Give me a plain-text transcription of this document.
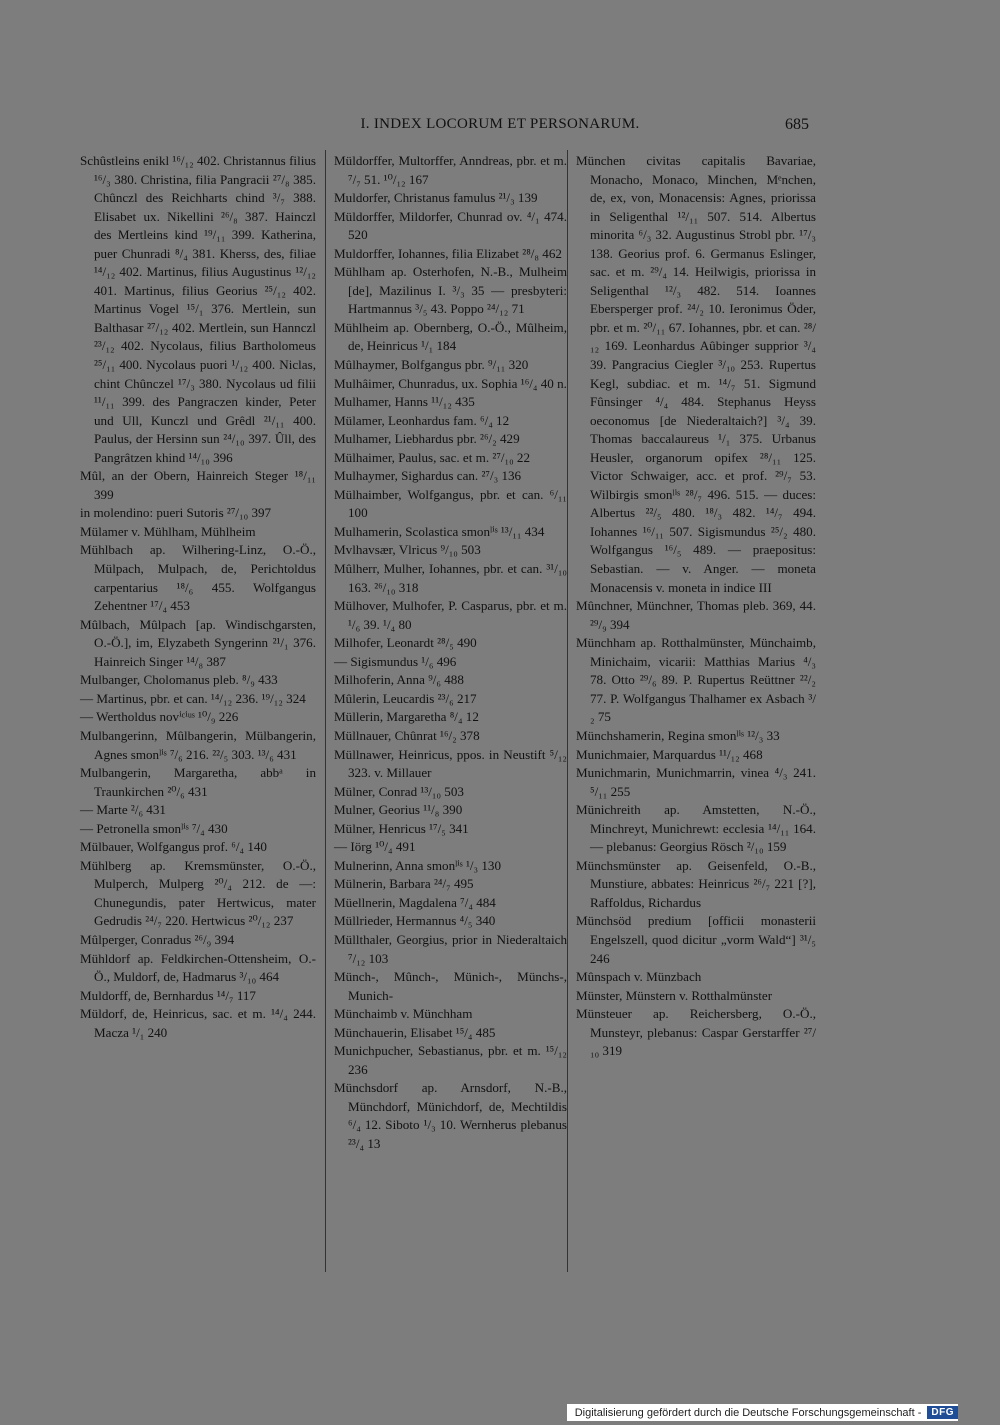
I. INDEX LOCORUM ET PERSONARUM.	685

Schûstleins enikl ¹⁶/₁₂ 402. Christannus filius ¹⁶/₃ 380. Christina, filia Pangracii ²⁷/₈ 385. Chûnczl des Reichharts chind ³/₇ 388. Elisabet ux. Nikellini ²⁶/₈ 387. Hainczl des Mertleins kind ¹⁹/₁₁ 399. Katherina, puer Chunradi ⁸/₄ 381. Kherss, des, filiae ¹⁴/₁₂ 402. Martinus, filius Augustinus ¹²/₁₂ 401. Martinus, filius Georius ²⁵/₁₂ 402. Martinus Vogel ¹⁵/₁ 376. Mertlein, sun Balthasar ²⁷/₁₂ 402. Mertlein, sun Hannczl ²³/₁₂ 402. Nycolaus, filius Bartholomeus ²⁵/₁₁ 400. Nycolaus puori ¹/₁₂ 400. Niclas, chint Chûnczel ¹⁷/₃ 380. Nycolaus ud filii ¹¹/₁₁ 399. des Pangraczen kinder, Peter und Ull, Kunczl und Grêdl ²¹/₁₁ 400. Paulus, der Hersinn sun ²⁴/₁₀ 397. Ûll, des Pangrâtzen khind ¹⁴/₁₀ 396

Mûl, an der Obern, Hainreich Steger ¹⁸/₁₁ 399

in molendino: pueri Sutoris ²⁷/₁₀ 397

Mülamer v. Mühlham, Mühlheim

Mühlbach ap. Wilhering-Linz, O.-Ö., Mülpach, Mulpach, de, Perichtoldus carpentarius ¹⁸/₆ 455. Wolfgangus Zehentner ¹⁷/₄ 453

Mûlbach, Mûlpach [ap. Windischgarsten, O.-Ö.], im, Elyzabeth Syngerinn ²¹/₁ 376. Hainreich Singer ¹⁴/₈ 387

Mulbanger, Cholomanus pleb. ⁸/₉ 433

— Martinus, pbr. et can. ¹⁴/₁₂ 236. ¹⁹/₁₂ 324

— Wertholdus novⁱᶜⁱᵘˢ ¹⁰/₉ 226

Mulbangerinn, Mûlbangerin, Mülbangerin, Agnes smonˡⁱˢ ⁷/₆ 216. ²²/₅ 303. ¹³/₆ 431

Mulbangerin, Margaretha, abbᵃ in Traunkirchen ²⁰/₆ 431

— Marte ²/₆ 431

— Petronella smonˡⁱˢ ⁷/₄ 430

Mülbauer, Wolfgangus prof. ⁶/₄ 140

Mühlberg ap. Kremsmünster, O.-Ö., Mulperch, Mulperg ²⁰/₄ 212. de —: Chunegundis, pater Hertwicus, mater Gedrudis ²⁴/₇ 220. Hertwicus ²⁰/₁₂ 237

Mûlperger, Conradus ²⁶/₉ 394

Mühldorf ap. Feldkirchen-Ottensheim, O.-Ö., Muldorf, de, Hadmarus ³/₁₀ 464

Muldorff, de, Bernhardus ¹⁴/₇ 117

Müldorf, de, Heinricus, sac. et m. ¹⁴/₄ 244. Macza ¹/₁ 240

Müldorffer, Multorffer, Anndreas, pbr. et m. ⁷/₇ 51. ¹⁰/₁₂ 167

Muldorfer, Christanus famulus ²¹/₃ 139

Müldorffer, Mildorfer, Chunrad ov. ⁴/₁ 474. 520

Muldorffer, Iohannes, filia Elizabet ²⁸/₈ 462

Mühlham ap. Osterhofen, N.-B., Mulheim [de], Mazilinus I. ³/₃ 35 — presbyteri: Hartmannus ³/₅ 43. Poppo ²⁴/₁₂ 71

Mühlheim ap. Obernberg, O.-Ö., Mûlheim, de, Heinricus ¹/₁ 184

Mûlhaymer, Bolfgangus pbr. ⁹/₁₁ 320

Mulhâimer, Chunradus, ux. Sophia ¹⁶/₄ 40 n.

Mulhamer, Hanns ¹¹/₁₂ 435

Mülamer, Leonhardus fam. ⁶/₄ 12

Mulhamer, Liebhardus pbr. ²⁶/₂ 429

Mülhaimer, Paulus, sac. et m. ²⁷/₁₀ 22

Mulhaymer, Sighardus can. ²⁷/₃ 136

Mülhaimber, Wolfgangus, pbr. et can. ⁶/₁₁ 100

Mulhamerin, Scolastica smonˡⁱˢ ¹³/₁₁ 434

Mvlhavsær, Vlricus ⁹/₁₀ 503

Mûlherr, Mulher, Iohannes, pbr. et can. ³¹/₁₀ 163. ²⁶/₁₀ 318

Mülhover, Mulhofer, P. Casparus, pbr. et m. ¹/₆ 39. ¹/₄ 80

Milhofer, Leonardt ²⁸/₅ 490

— Sigismundus ¹/₆ 496

Milhoferin, Anna ⁹/₆ 488

Mûlerin, Leucardis ²³/₆ 217

Müllerin, Margaretha ⁸/₄ 12

Müllnauer, Chûnrat ¹⁶/₂ 378

Müllnawer, Heinricus, ppos. in Neustift ⁵/₁₂ 323. v. Millauer

Mülner, Conrad ¹³/₁₀ 503

Mulner, Georius ¹¹/₈ 390

Mülner, Henricus ¹⁷/₅ 341

— Iörg ¹⁰/₄ 491

Mulnerinn, Anna smonˡⁱˢ ¹/₃ 130

Mülnerin, Barbara ²⁴/₇ 495

Müellnerin, Magdalena ⁷/₄ 484

Müllrieder, Hermannus ⁴/₅ 340

Müllthaler, Georgius, prior in Niederaltaich ⁷/₁₂ 103

Münch-, Mûnch-, Münich-, Münchs-, Munich-

Münchaimb v. Münchham

Münchauerin, Elisabet ¹⁵/₄ 485

Munichpucher, Sebastianus, pbr. et m. ¹⁵/₁₂ 236

Münchsdorf ap. Arnsdorf, N.-B., Münchdorf, Münichdorf, de, Mechtildis ⁶/₄ 12. Siboto ¹/₃ 10. Wernherus plebanus ²³/₄ 13

München civitas capitalis Bavariae, Monacho, Monaco, Minchen, Mᵉnchen, de, ex, von, Monacensis: Agnes, priorissa in Seligenthal ¹²/₁₁ 507. 514. Albertus minorita ⁶/₃ 32. Augustinus Strobl pbr. ¹⁷/₃ 138. Georius prof. 6. Germanus Eslinger, sac. et m. ²⁹/₄ 14. Heilwigis, priorissa in Seligenthal ¹²/₃ 482. 514. Ioannes Ebersperger prof. ²⁴/₂ 10. Ieronimus Öder, pbr. et m. ²⁰/₁₁ 67. Iohannes, pbr. et can. ²⁸/₁₂ 169. Leonhardus Aûbinger supprior ³/₄ 39. Pangracius Ciegler ³/₁₀ 253. Rupertus Kegl, subdiac. et m. ¹⁴/₇ 51. Sigmund Fûnsinger ⁴/₄ 484. Stephanus Heyss oeconomus [de Niederaltaich?] ³/₄ 39. Thomas baccalaureus ¹/₁ 375. Urbanus Heusler, organorum opifex ²⁸/₁₁ 125. Victor Schwaiger, acc. et prof. ²⁹/₇ 53. Wilbirgis smonˡⁱˢ ²⁸/₇ 496. 515. — duces: Albertus ²²/₅ 480. ¹⁸/₃ 482. ¹⁴/₇ 494. Iohannes ¹⁶/₁₁ 507. Sigismundus ²⁵/₂ 480. Wolfgangus ¹⁶/₅ 489. — praepositus: Sebastian. — v. Anger. — moneta Monacensis v. moneta in indice III

Mûnchner, Münchner, Thomas pleb. 369, 44. ²⁹/₉ 394

Münchham ap. Rotthalmünster, Münchaimb, Minichaim, vicarii: Matthias Marius ⁴/₃ 78. Otto ²⁹/₆ 89. P. Rupertus Reüttner ²²/₂ 77. P. Wolfgangus Thalhamer ex Asbach ³/₂ 75

Münchshamerin, Regina smonˡⁱˢ ¹²/₃ 33

Munichmaier, Marquardus ¹¹/₁₂ 468

Munichmarin, Munichmarrin, vinea ⁴/₃ 241. ⁵/₁₁ 255

Münichreith ap. Amstetten, N.-Ö., Minchreyt, Munichrewt: ecclesia ¹⁴/₁₁ 164. — plebanus: Georgius Rösch ²/₁₀ 159

Münchsmünster ap. Geisenfeld, O.-B., Munstiure, abbates: Heinricus ²⁶/₇ 221 [?], Raffoldus, Richardus

Münchsöd predium [officii monasterii Engelszell, quod dicitur „vorm Wald“] ³¹/₅ 246

Mûnspach v. Münzbach

Münster, Münstern v. Rotthalmünster

Münsteuer ap. Reichersberg, O.-Ö., Munsteyr, plebanus: Caspar Gerstarffer ²⁷/₁₀ 319

Digitalisierung gefördert durch die Deutsche Forschungsgemeinschaft -	DFG
